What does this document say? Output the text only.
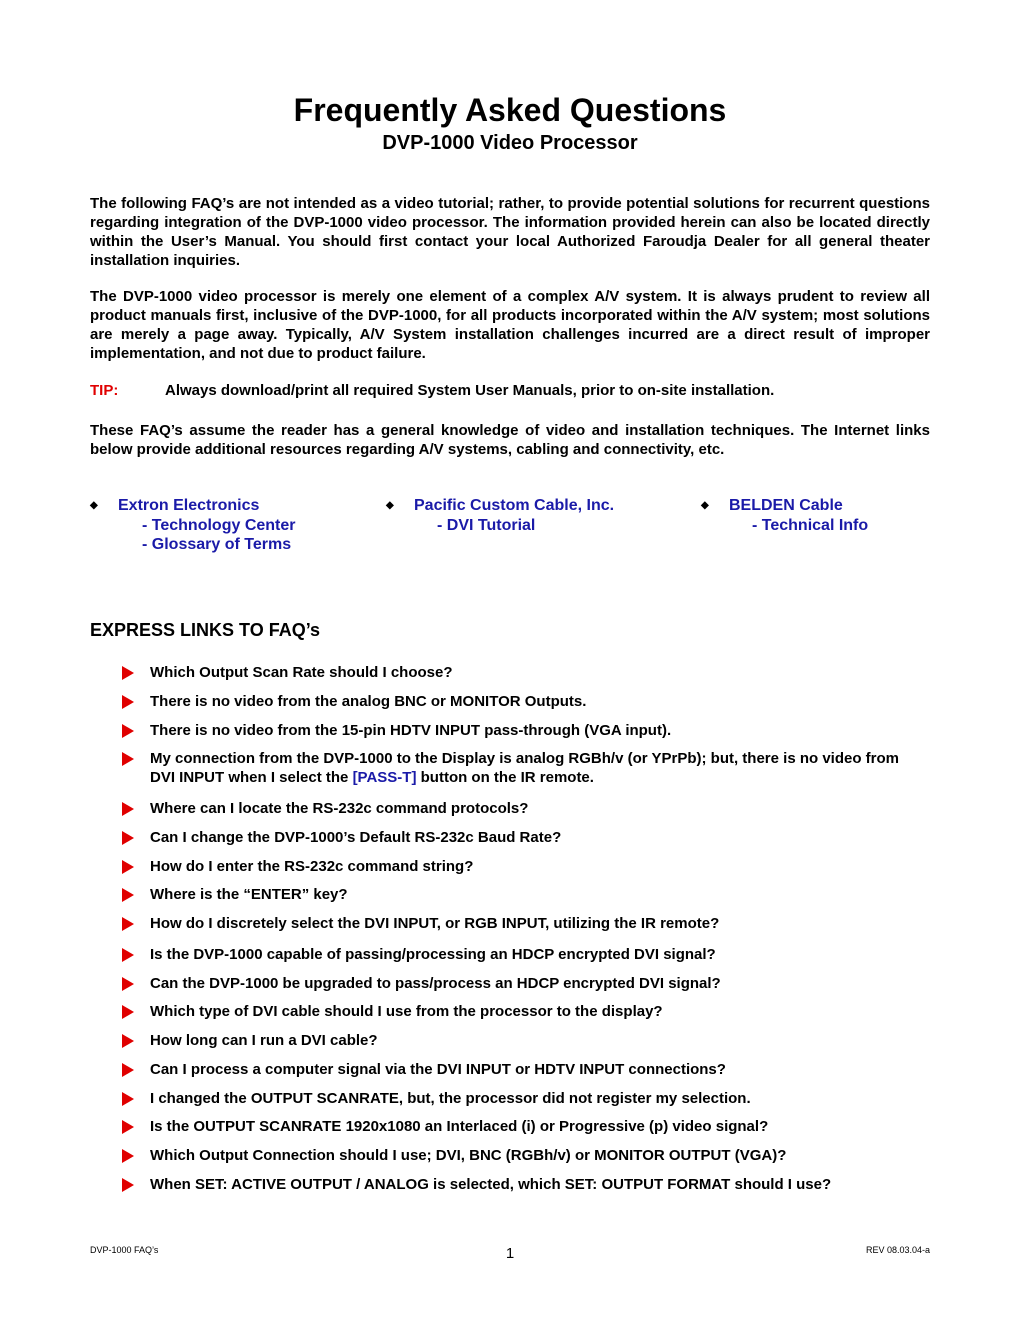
Frequently Asked Questions
DVP-1000 Video Processor
The following FAQ’s are not intended as a video tutorial; rather, to provide potential solutions for recurrent questions regarding integration of the DVP-1000 video processor. The information provided herein can also be located directly within the User’s Manual. You should first contact your local Authorized Faroudja Dealer for all general theater installation inquiries.
The DVP-1000 video processor is merely one element of a complex A/V system. It is always prudent to review all product manuals first, inclusive of the DVP-1000, for all products incorporated within the A/V system; most solutions are merely a page away. Typically, A/V System installation challenges incurred are a direct result of improper implementation, and not due to product failure.
TIP:	Always download/print all required System User Manuals, prior to on-site installation.
These FAQ’s assume the reader has a general knowledge of video and installation techniques. The Internet links below provide additional resources regarding A/V systems, cabling and connectivity, etc.
◆ Extron Electronics
- Technology Center
- Glossary of Terms
◆ Pacific Custom Cable, Inc.
- DVI Tutorial
◆ BELDEN Cable
- Technical Info
EXPRESS LINKS TO FAQ’s
Which Output Scan Rate should I choose?
There is no video from the analog BNC or MONITOR Outputs.
There is no video from the 15-pin HDTV INPUT pass-through (VGA input).
My connection from the DVP-1000 to the Display is analog RGBh/v (or YPrPb); but, there is no video from DVI INPUT when I select the [PASS-T] button on the IR remote.
Where can I locate the RS-232c command protocols?
Can I change the DVP-1000’s Default RS-232c Baud Rate?
How do I enter the RS-232c command string?
Where is the “ENTER” key?
How do I discretely select the DVI INPUT, or RGB INPUT, utilizing the IR remote?
Is the DVP-1000 capable of passing/processing an HDCP encrypted DVI signal?
Can the DVP-1000 be upgraded to pass/process an HDCP encrypted DVI signal?
Which type of DVI cable should I use from the processor to the display?
How long can I run a DVI cable?
Can I process a computer signal via the DVI INPUT or HDTV INPUT connections?
I changed the OUTPUT SCANRATE, but, the processor did not register my selection.
Is the OUTPUT SCANRATE 1920x1080 an Interlaced (i) or Progressive (p) video signal?
Which Output Connection should I use; DVI, BNC (RGBh/v) or MONITOR OUTPUT (VGA)?
When SET: ACTIVE OUTPUT / ANALOG is selected, which SET: OUTPUT FORMAT should I use?
DVP-1000 FAQ’s	1	REV 08.03.04-a
